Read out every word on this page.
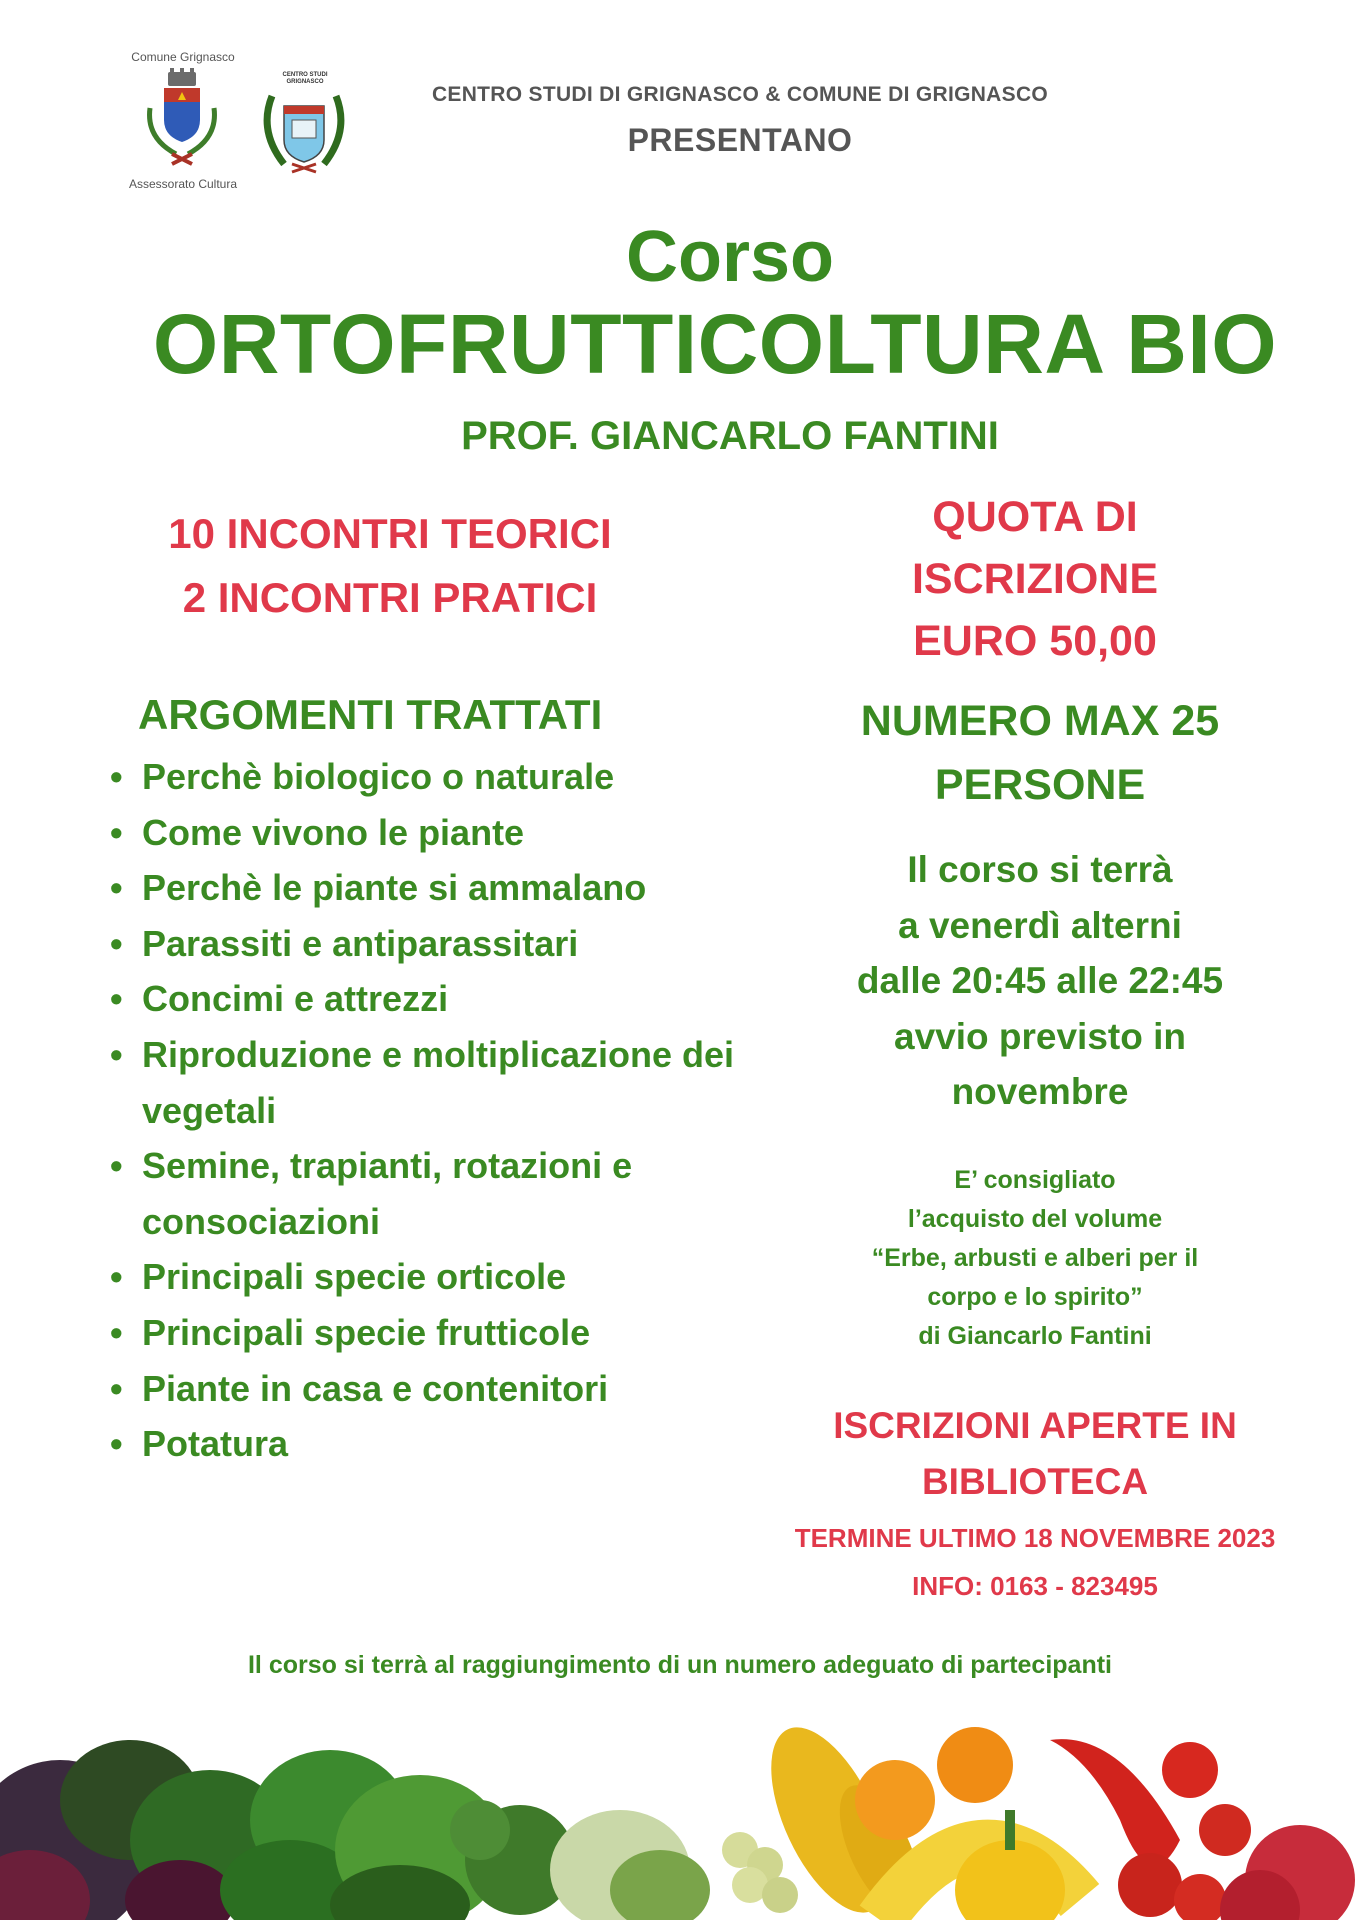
Comune Grignasco
Assessorato Cultura
CENTRO STUDI GRIGNASCO
CENTRO STUDI DI GRIGNASCO & COMUNE DI GRIGNASCO
PRESENTANO
Corso
ORTOFRUTTICOLTURA BIO
PROF. GIANCARLO FANTINI
10 INCONTRI TEORICI
2 INCONTRI PRATICI
QUOTA DI
ISCRIZIONE
EURO 50,00
ARGOMENTI TRATTATI
• Perchè biologico o naturale
• Come vivono le piante
• Perchè le piante si ammalano
• Parassiti e antiparassitari
• Concimi e attrezzi
• Riproduzione e moltiplicazione dei vegetali
• Semine, trapianti, rotazioni e consociazioni
• Principali specie orticole
• Principali specie frutticole
• Piante in casa e contenitori
• Potatura
NUMERO MAX 25
PERSONE
Il corso si terrà
a venerdì alterni
dalle 20:45 alle 22:45
avvio previsto in
novembre
E’ consigliato
l’acquisto del volume
“Erbe, arbusti e alberi per il
corpo e lo spirito”
di Giancarlo Fantini
ISCRIZIONI APERTE IN
BIBLIOTECA
TERMINE ULTIMO 18 NOVEMBRE 2023
INFO: 0163 - 823495
Il corso si terrà al raggiungimento di un numero adeguato di partecipanti
